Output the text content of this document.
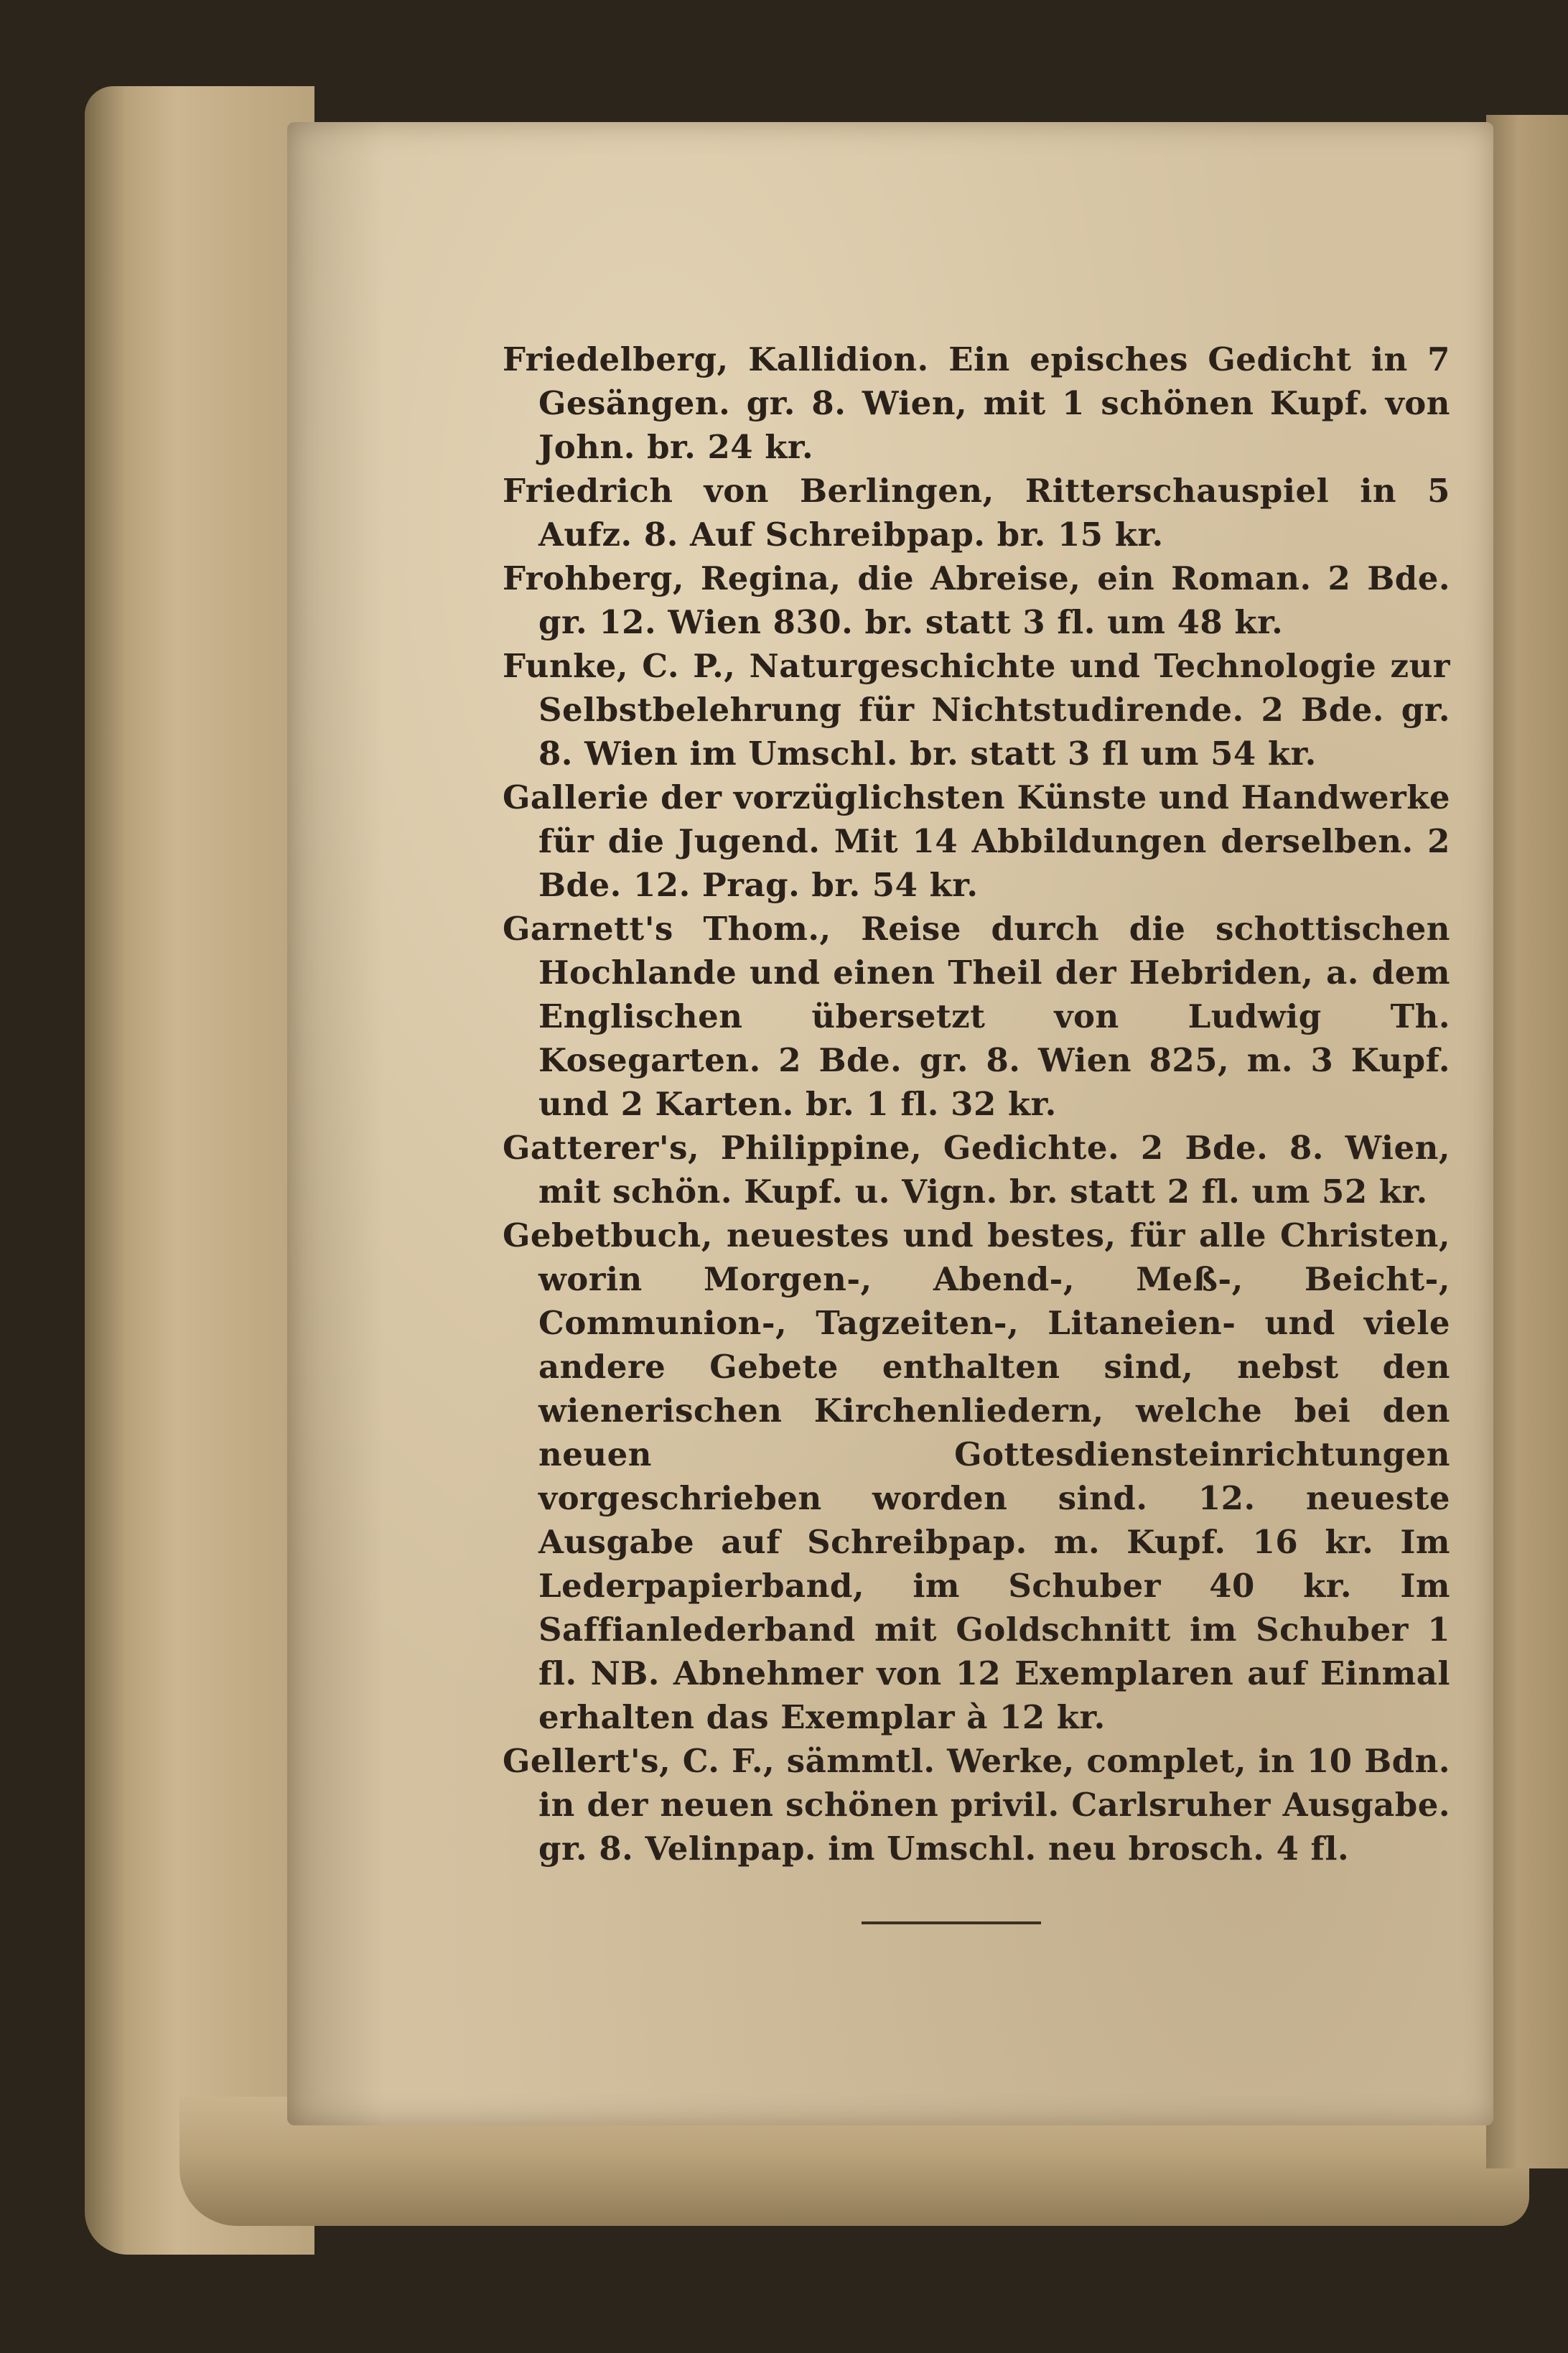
Friedelberg, Kallidion. Ein episches Gedicht in 7 Gesängen. gr. 8. Wien, mit 1 schönen Kupf. von John. br. 24 kr.

Friedrich von Berlingen, Ritterschauspiel in 5 Aufz. 8. Auf Schreibpap. br. 15 kr.

Frohberg, Regina, die Abreise, ein Roman. 2 Bde. gr. 12. Wien 830. br. statt 3 fl. um 48 kr.

Funke, C. P., Naturgeschichte und Technologie zur Selbstbelehrung für Nichtstudirende. 2 Bde. gr. 8. Wien im Umschl. br. statt 3 fl um 54 kr.

Gallerie der vorzüglichsten Künste und Handwerke für die Jugend. Mit 14 Abbildungen derselben. 2 Bde. 12. Prag. br. 54 kr.

Garnett's Thom., Reise durch die schottischen Hochlande und einen Theil der Hebriden, a. dem Englischen übersetzt von Ludwig Th. Kosegarten. 2 Bde. gr. 8. Wien 825, m. 3 Kupf. und 2 Karten. br. 1 fl. 32 kr.

Gatterer's, Philippine, Gedichte. 2 Bde. 8. Wien, mit schön. Kupf. u. Vign. br. statt 2 fl. um 52 kr.

Gebetbuch, neuestes und bestes, für alle Christen, worin Morgen-, Abend-, Meß-, Beicht-, Communion-, Tagzeiten-, Litaneien- und viele andere Gebete enthalten sind, nebst den wienerischen Kirchenliedern, welche bei den neuen Gottesdiensteinrichtungen vorgeschrieben worden sind. 12. neueste Ausgabe auf Schreibpap. m. Kupf. 16 kr. Im Lederpapierband, im Schuber 40 kr. Im Saffianlederband mit Goldschnitt im Schuber 1 fl. NB. Abnehmer von 12 Exemplaren auf Einmal erhalten das Exemplar à 12 kr.

Gellert's, C. F., sämmtl. Werke, complet, in 10 Bdn. in der neuen schönen privil. Carlsruher Ausgabe. gr. 8. Velinpap. im Umschl. neu brosch. 4 fl.
